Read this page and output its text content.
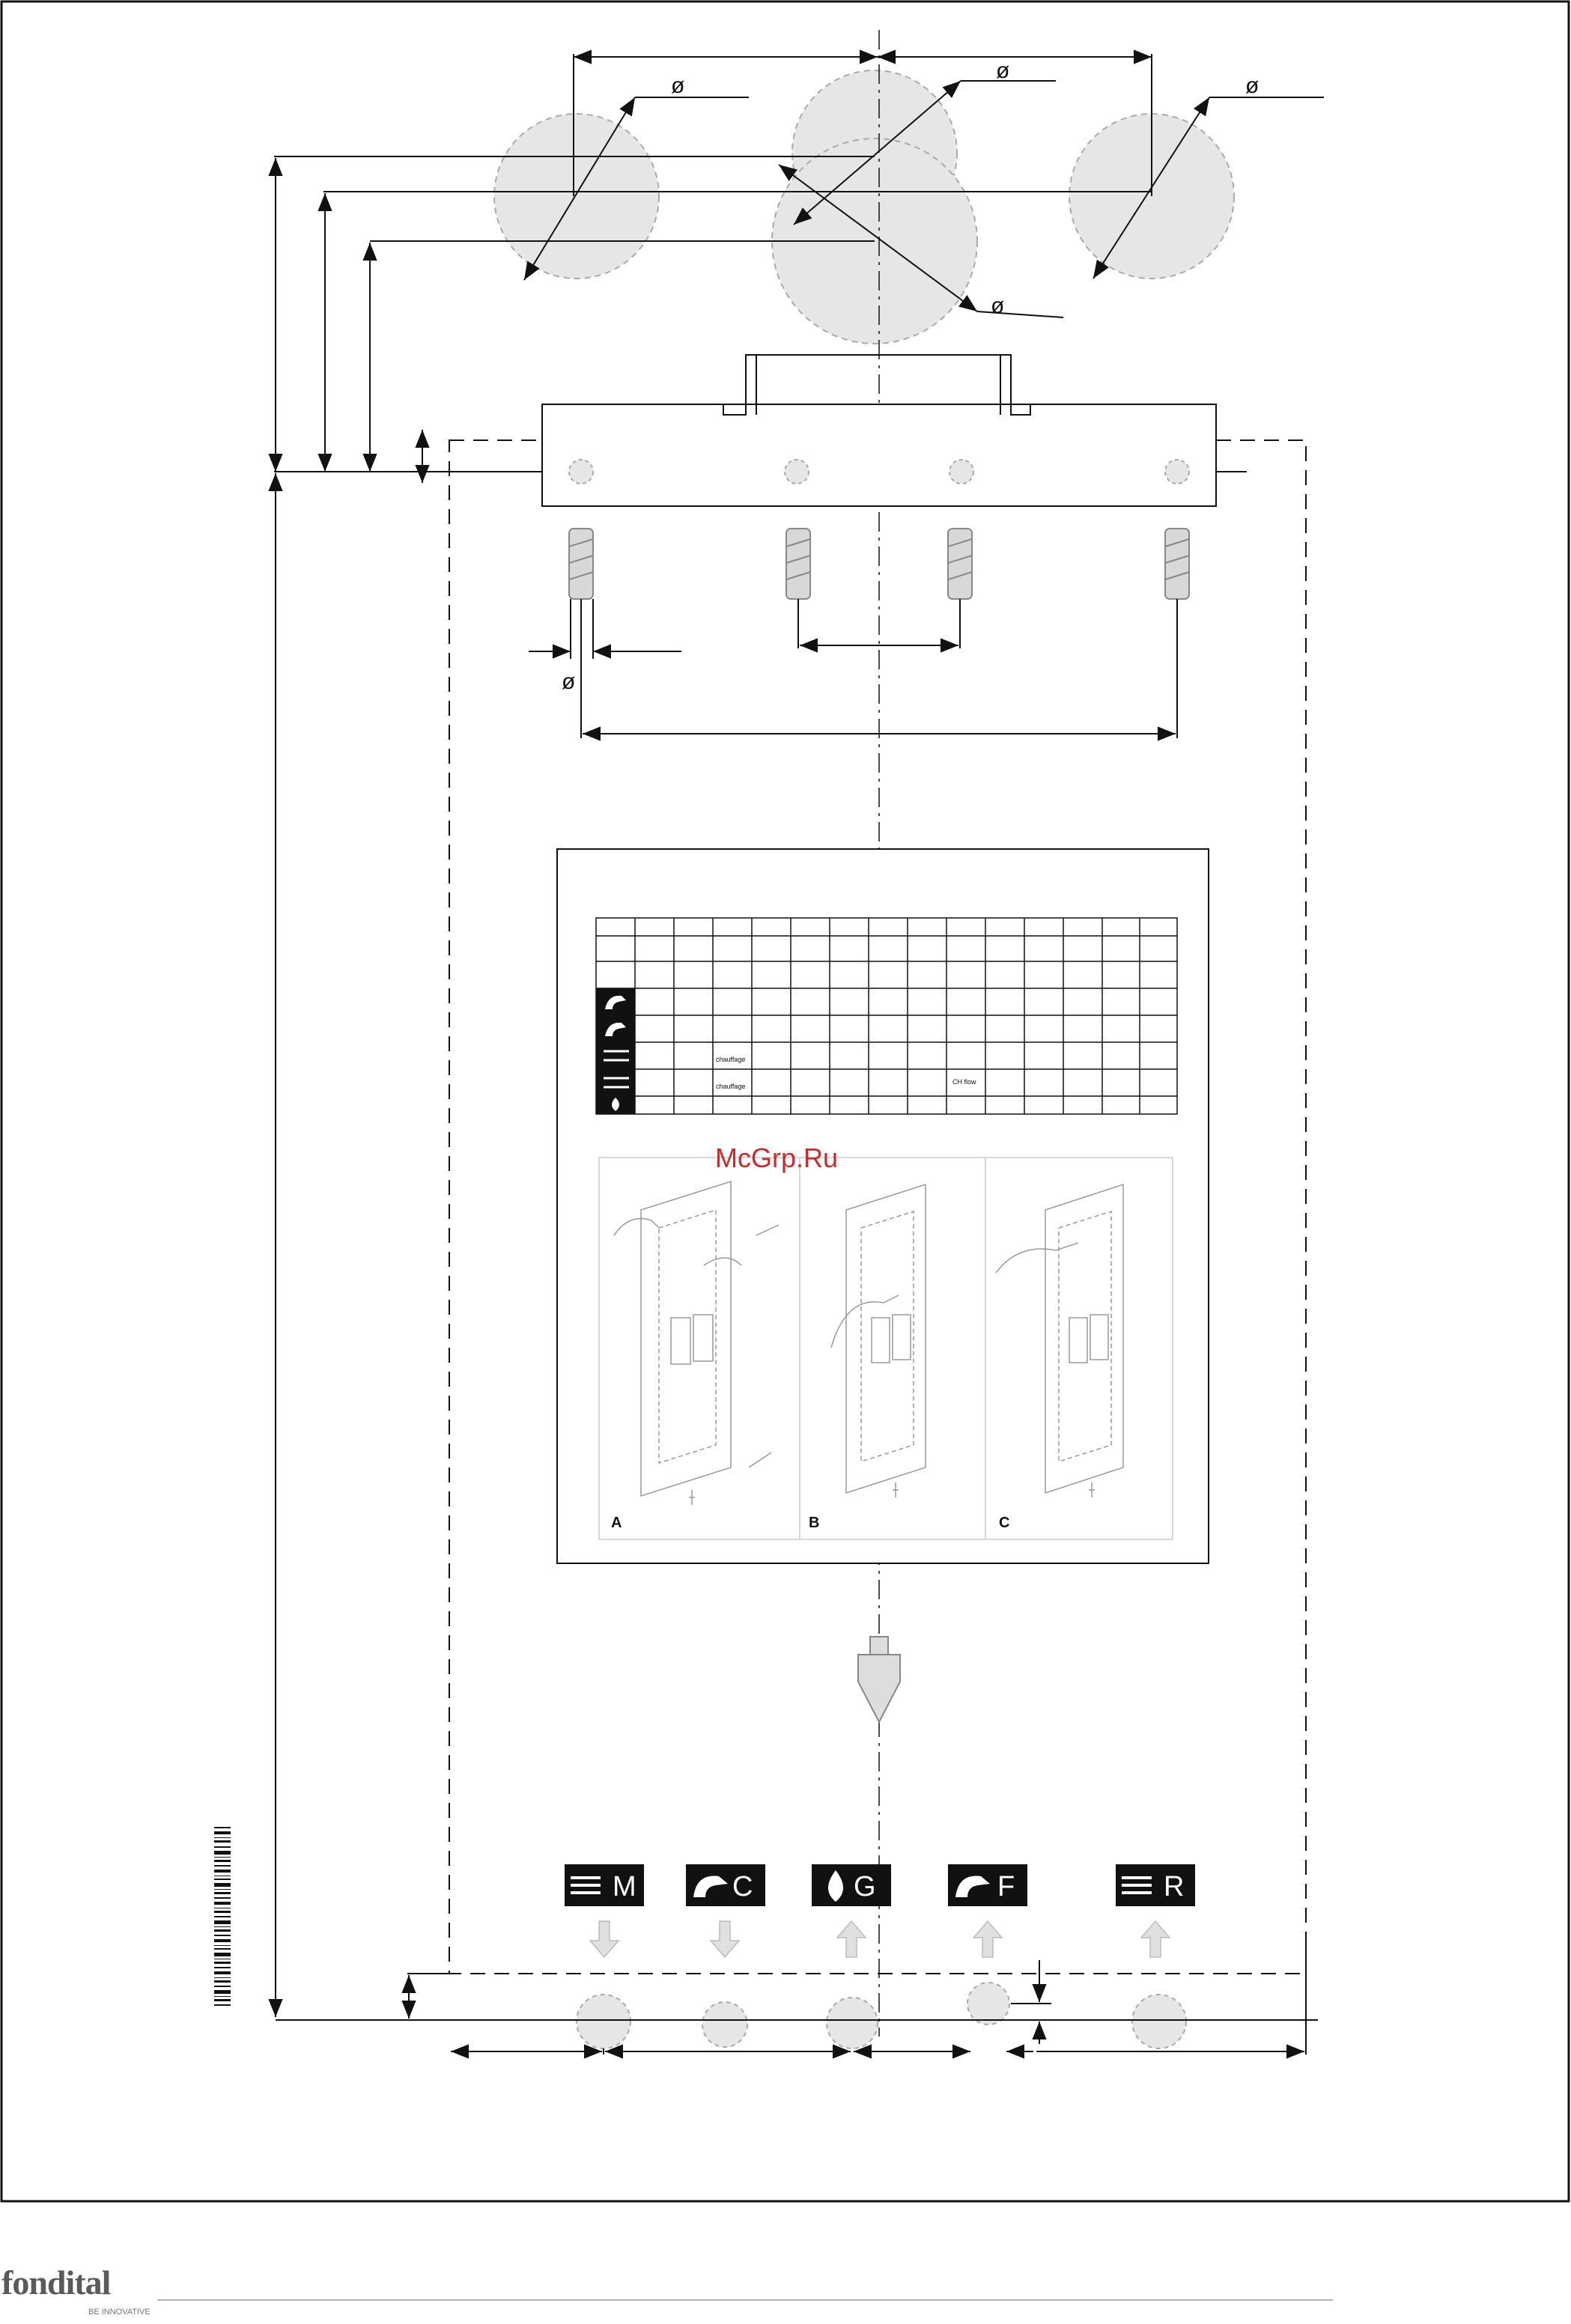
ø
ø
ø
ø
ø
chauffage
chauffage
CH flow
A	B	C
M	C	G	F	R
McGrp.Ru
fondital
BE INNOVATIVE
